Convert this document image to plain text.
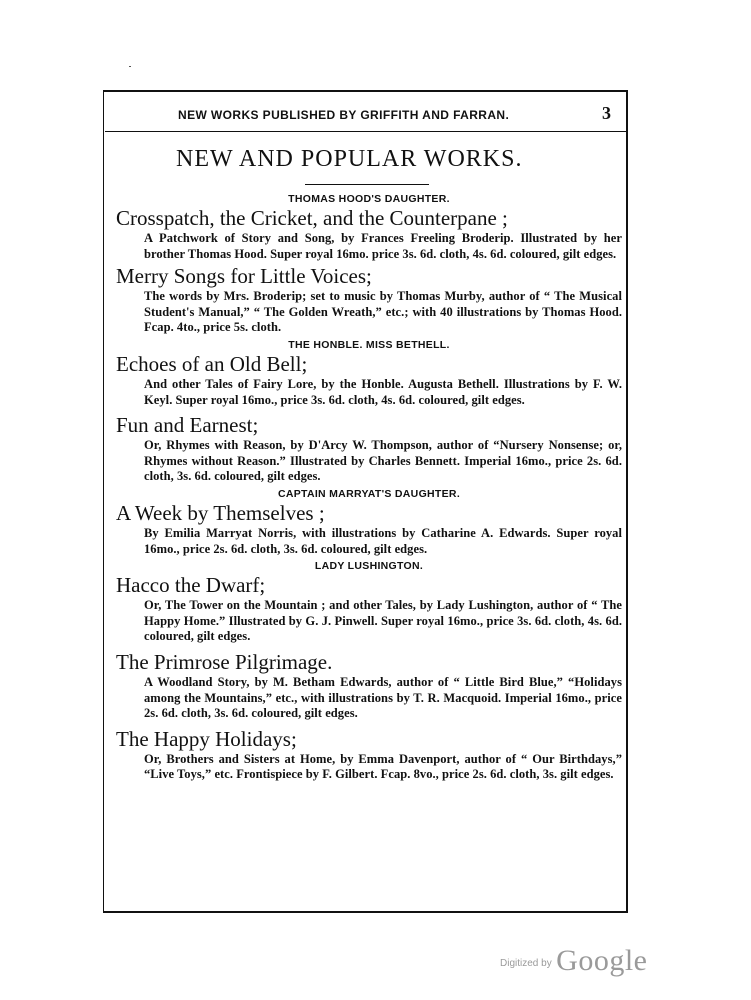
NEW WORKS PUBLISHED BY GRIFFITH AND FARRAN.	3
NEW AND POPULAR WORKS.

THOMAS HOOD'S DAUGHTER.

Crosspatch, the Cricket, and the Counterpane ;

A Patchwork of Story and Song, by Frances Freeling Broderip. Illustrated by her brother Thomas Hood. Super royal 16mo. price 3s. 6d. cloth, 4s. 6d. coloured, gilt edges.

Merry Songs for Little Voices;

The words by Mrs. Broderip; set to music by Thomas Murby, author of “ The Musical Student's Manual,” “ The Golden Wreath,” etc.; with 40 illustrations by Thomas Hood. Fcap. 4to., price 5s. cloth.

THE HONBLE. MISS BETHELL.

Echoes of an Old Bell;

And other Tales of Fairy Lore, by the Honble. Augusta Bethell. Illustrations by F. W. Keyl. Super royal 16mo., price 3s. 6d. cloth, 4s. 6d. coloured, gilt edges.

Fun and Earnest;

Or, Rhymes with Reason, by D'Arcy W. Thompson, author of “Nursery Nonsense; or, Rhymes without Reason.” Illustrated by Charles Bennett. Imperial 16mo., price 2s. 6d. cloth, 3s. 6d. coloured, gilt edges.

CAPTAIN MARRYAT'S DAUGHTER.

A Week by Themselves ;

By Emilia Marryat Norris, with illustrations by Catharine A. Edwards. Super royal 16mo., price 2s. 6d. cloth, 3s. 6d. coloured, gilt edges.

LADY LUSHINGTON.

Hacco the Dwarf;

Or, The Tower on the Mountain ; and other Tales, by Lady Lushington, author of “ The Happy Home.” Illustrated by G. J. Pinwell. Super royal 16mo., price 3s. 6d. cloth, 4s. 6d. coloured, gilt edges.

The Primrose Pilgrimage.

A Woodland Story, by M. Betham Edwards, author of “ Little Bird Blue,” “Holidays among the Mountains,” etc., with illustrations by T. R. Macquoid. Imperial 16mo., price 2s. 6d. cloth, 3s. 6d. coloured, gilt edges.

The Happy Holidays;

Or, Brothers and Sisters at Home, by Emma Davenport, author of “ Our Birthdays,” “Live Toys,” etc. Frontispiece by F. Gilbert. Fcap. 8vo., price 2s. 6d. cloth, 3s. gilt edges.

$^{Digitized by}$ Google
